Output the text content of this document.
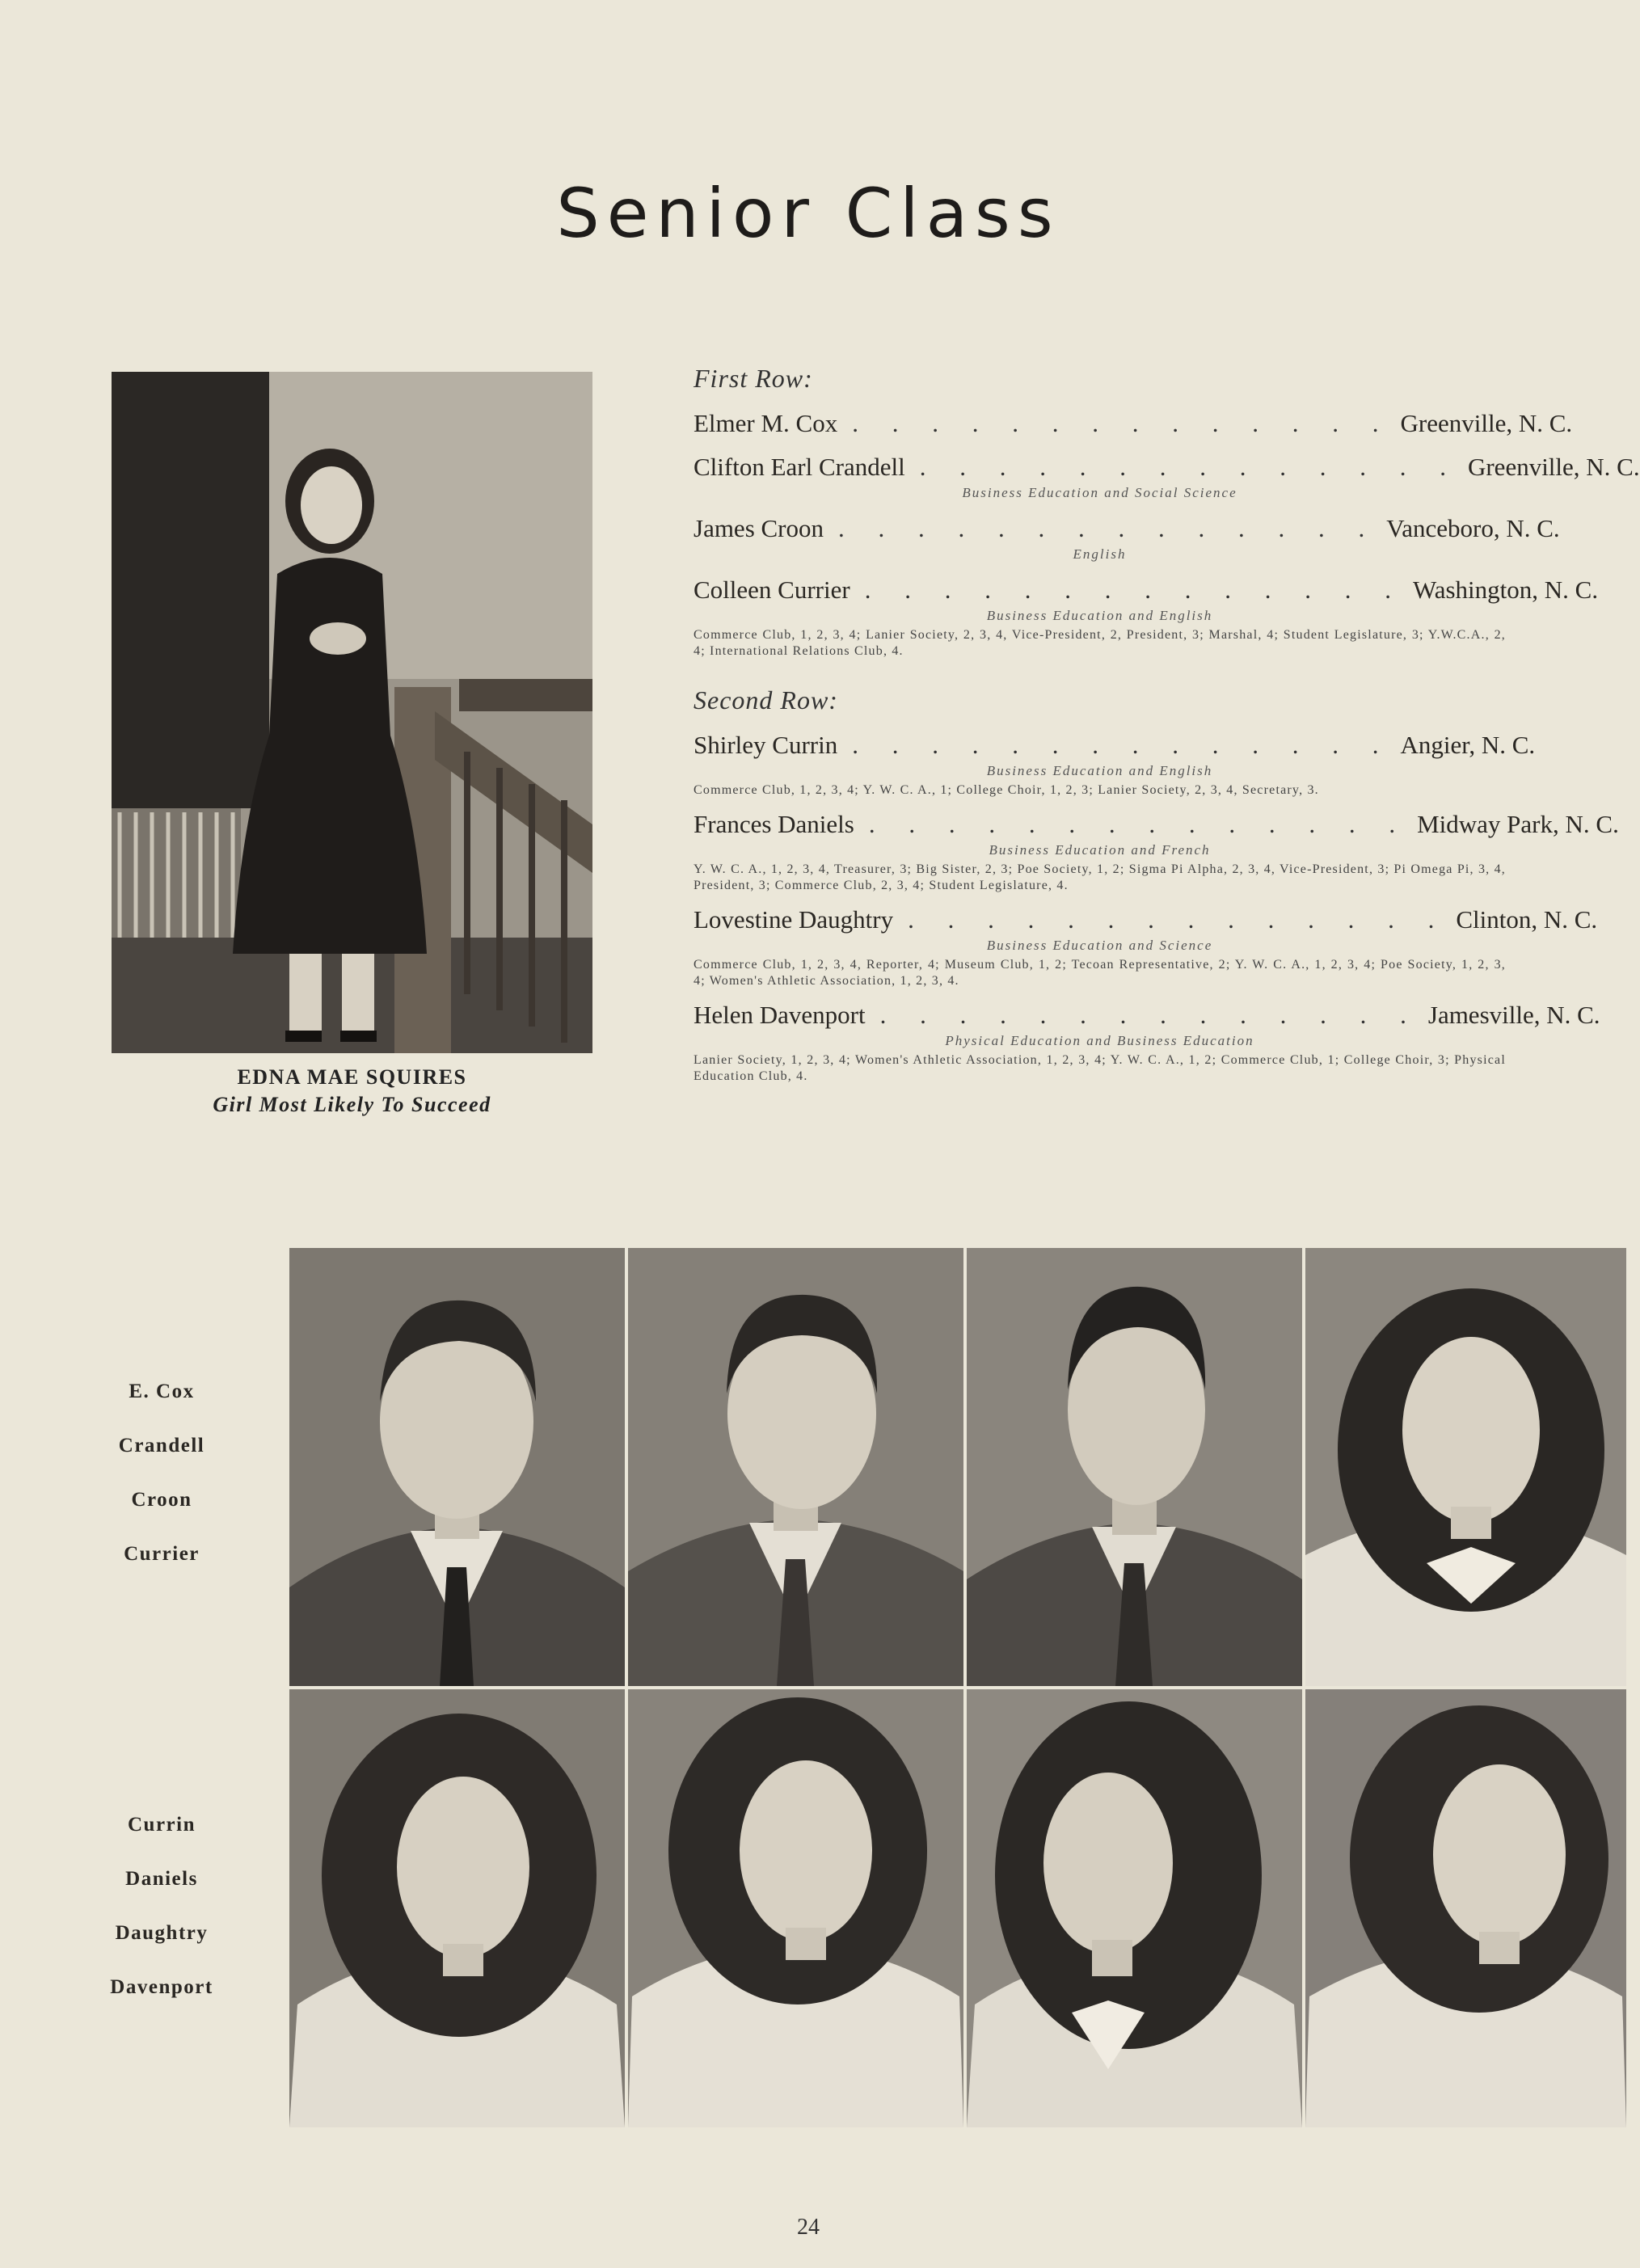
Senior Class
EDNA MAE SQUIRES
Girl Most Likely To Succeed
First Row:
Elmer M. Cox . . . . . . . . . . . . . . Greenville, N. C.
Clifton Earl Crandell . . . . . . . . . . . . . . Greenville, N. C.
Business Education and Social Science
James Croon . . . . . . . . . . . . . . Vanceboro, N. C.
English
Colleen Currier . . . . . . . . . . . . . . Washington, N. C.
Business Education and English
Commerce Club, 1, 2, 3, 4; Lanier Society, 2, 3, 4, Vice-President, 2, President, 3; Marshal, 4; Student Legislature, 3; Y.W.C.A., 2, 4; International Relations Club, 4.
Second Row:
Shirley Currin . . . . . . . . . . . . . . Angier, N. C.
Business Education and English
Commerce Club, 1, 2, 3, 4; Y. W. C. A., 1; College Choir, 1, 2, 3; Lanier Society, 2, 3, 4, Secretary, 3.
Frances Daniels . . . . . . . . . . . . . . Midway Park, N. C.
Business Education and French
Y. W. C. A., 1, 2, 3, 4, Treasurer, 3; Big Sister, 2, 3; Poe Society, 1, 2; Sigma Pi Alpha, 2, 3, 4, Vice-President, 3; Pi Omega Pi, 3, 4, President, 3; Commerce Club, 2, 3, 4; Student Legislature, 4.
Lovestine Daughtry . . . . . . . . . . . . . . Clinton, N. C.
Business Education and Science
Commerce Club, 1, 2, 3, 4, Reporter, 4; Museum Club, 1, 2; Tecoan Representative, 2; Y. W. C. A., 1, 2, 3, 4; Poe Society, 1, 2, 3, 4; Women's Athletic Association, 1, 2, 3, 4.
Helen Davenport . . . . . . . . . . . . . . Jamesville, N. C.
Physical Education and Business Education
Lanier Society, 1, 2, 3, 4; Women's Athletic Association, 1, 2, 3, 4; Y. W. C. A., 1, 2; Commerce Club, 1; College Choir, 3; Physical Education Club, 4.
E. Cox
Crandell
Croon
Currier
Currin
Daniels
Daughtry
Davenport
24
